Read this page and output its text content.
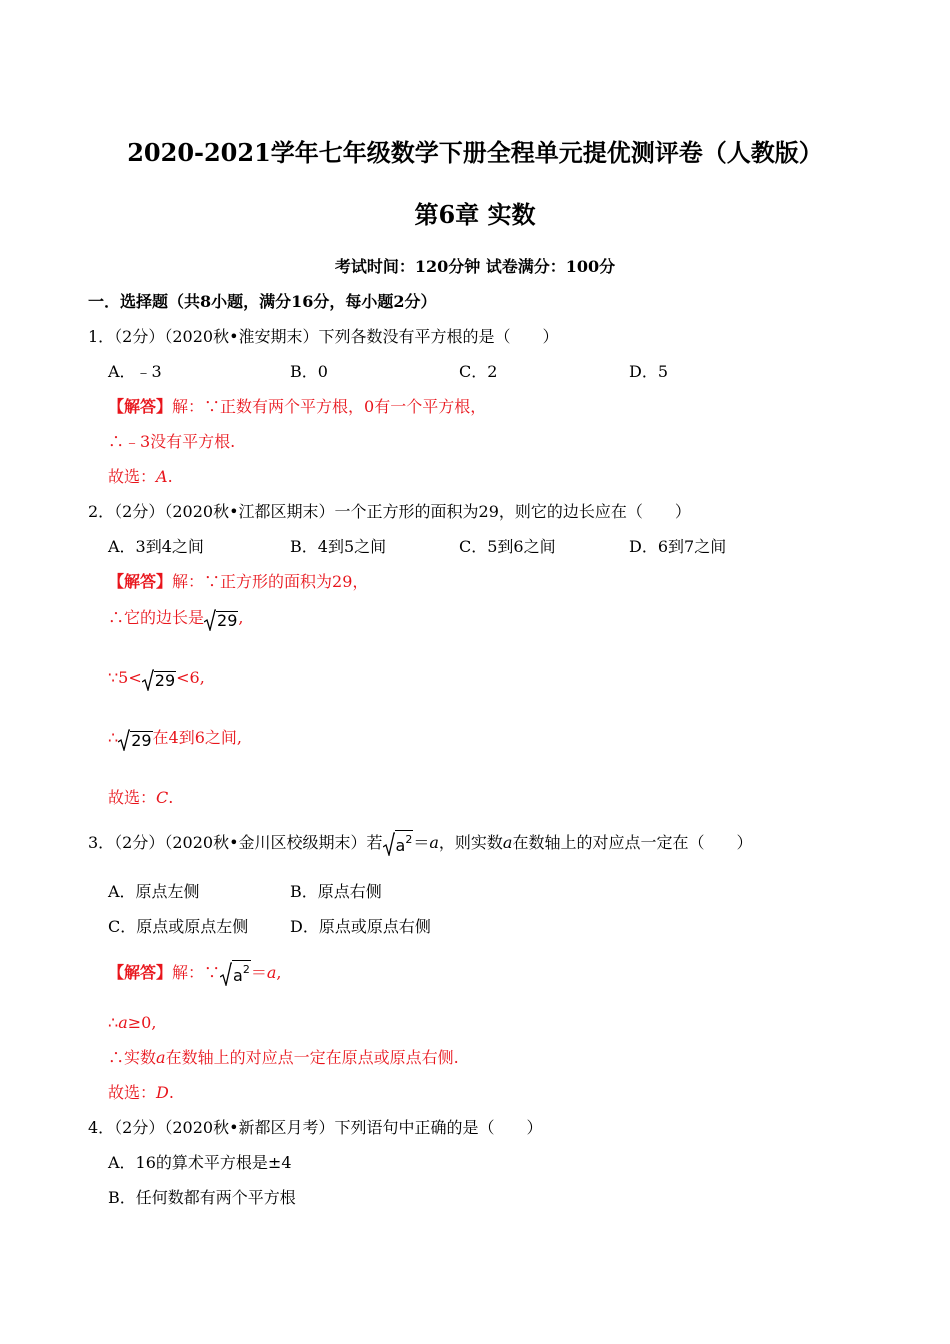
2020-2021学年七年级数学下册全程单元提优测评卷（人教版）
第6章 实数
考试时间：120分钟 试卷满分：100分
一．选择题（共8小题，满分16分，每小题2分）
1．（2分）（2020秋•淮安期末）下列各数没有平方根的是（　　）
A．﹣3	B．0	C．2	D．5
【解答】解：∵正数有两个平方根，0有一个平方根，
∴﹣3没有平方根.
故选：A.
2．（2分）（2020秋•江都区期末）一个正方形的面积为29，则它的边长应在（　　）
A．3到4之间	B．4到5之间	C．5到6之间	D．6到7之间
【解答】解：∵正方形的面积为29，
∴它的边长是 29,
∵5< 29<6,
∴ 29在4到6之间,
故选：C.
3．（2分）（2020秋•金川区校级期末）若 $a^2=a$，则实数a在数轴上的对应点一定在（　　）
A．原点左侧	B．原点右侧
C．原点或原点左侧	D．原点或原点右侧
【解答】解：∵ $a^2=a$,
∴a≥0,
∴实数a在数轴上的对应点一定在原点或原点右侧.
故选：D.
4．（2分）（2020秋•新都区月考）下列语句中正确的是（　　）
A．16的算术平方根是±4
B．任何数都有两个平方根
